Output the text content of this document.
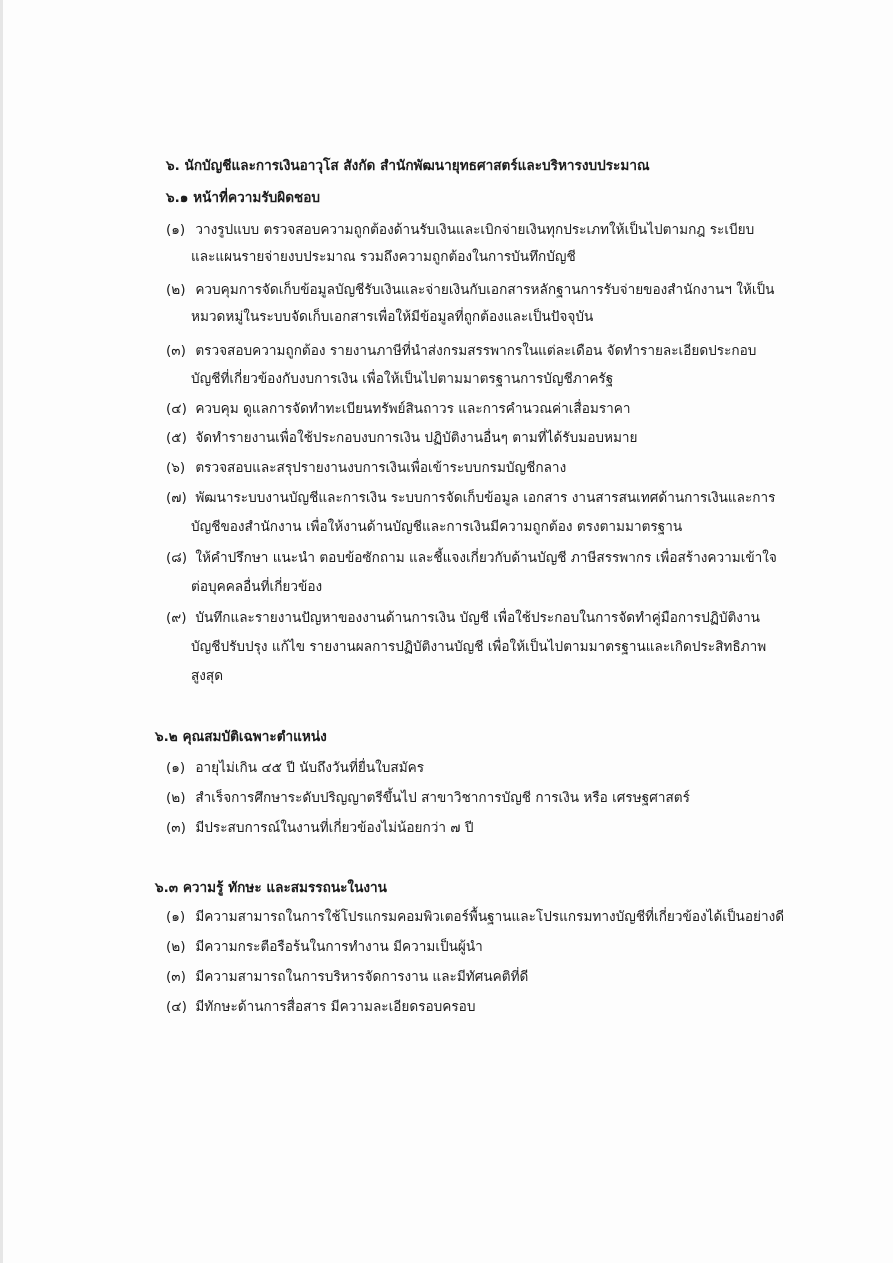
๖. นักบัญชีและการเงินอาวุโส สังกัด สำนักพัฒนายุทธศาสตร์และบริหารงบประมาณ
๖.๑ หน้าที่ความรับผิดชอบ
(๑) วางรูปแบบ ตรวจสอบความถูกต้องด้านรับเงินและเบิกจ่ายเงินทุกประเภทให้เป็นไปตามกฎ ระเบียบ
และแผนรายจ่ายงบประมาณ รวมถึงความถูกต้องในการบันทึกบัญชี
(๒) ควบคุมการจัดเก็บข้อมูลบัญชีรับเงินและจ่ายเงินกับเอกสารหลักฐานการรับจ่ายของสำนักงานฯ ให้เป็น
หมวดหมู่ในระบบจัดเก็บเอกสารเพื่อให้มีข้อมูลที่ถูกต้องและเป็นปัจจุบัน
(๓) ตรวจสอบความถูกต้อง รายงานภาษีที่นำส่งกรมสรรพากรในแต่ละเดือน จัดทำรายละเอียดประกอบ
บัญชีที่เกี่ยวข้องกับงบการเงิน เพื่อให้เป็นไปตามมาตรฐานการบัญชีภาครัฐ
(๔) ควบคุม ดูแลการจัดทำทะเบียนทรัพย์สินถาวร และการคำนวณค่าเสื่อมราคา
(๕) จัดทำรายงานเพื่อใช้ประกอบงบการเงิน ปฏิบัติงานอื่นๆ ตามที่ได้รับมอบหมาย
(๖) ตรวจสอบและสรุปรายงานงบการเงินเพื่อเข้าระบบกรมบัญชีกลาง
(๗) พัฒนาระบบงานบัญชีและการเงิน ระบบการจัดเก็บข้อมูล เอกสาร งานสารสนเทศด้านการเงินและการ
บัญชีของสำนักงาน เพื่อให้งานด้านบัญชีและการเงินมีความถูกต้อง ตรงตามมาตรฐาน
(๘) ให้คำปรึกษา แนะนำ ตอบข้อซักถาม และชี้แจงเกี่ยวกับด้านบัญชี ภาษีสรรพากร เพื่อสร้างความเข้าใจ
ต่อบุคคลอื่นที่เกี่ยวข้อง
(๙) บันทึกและรายงานปัญหาของงานด้านการเงิน บัญชี เพื่อใช้ประกอบในการจัดทำคู่มือการปฏิบัติงาน
บัญชีปรับปรุง แก้ไข รายงานผลการปฏิบัติงานบัญชี เพื่อให้เป็นไปตามมาตรฐานและเกิดประสิทธิภาพ
สูงสุด
๖.๒ คุณสมบัติเฉพาะตำแหน่ง
(๑) อายุไม่เกิน ๔๕ ปี นับถึงวันที่ยื่นใบสมัคร
(๒) สำเร็จการศึกษาระดับปริญญาตรีขึ้นไป สาขาวิชาการบัญชี การเงิน หรือ เศรษฐศาสตร์
(๓) มีประสบการณ์ในงานที่เกี่ยวข้องไม่น้อยกว่า ๗ ปี
๖.๓ ความรู้ ทักษะ และสมรรถนะในงาน
(๑) มีความสามารถในการใช้โปรแกรมคอมพิวเตอร์พื้นฐานและโปรแกรมทางบัญชีที่เกี่ยวข้องได้เป็นอย่างดี
(๒) มีความกระตือรือร้นในการทำงาน มีความเป็นผู้นำ
(๓) มีความสามารถในการบริหารจัดการงาน และมีทัศนคติที่ดี
(๔) มีทักษะด้านการสื่อสาร มีความละเอียดรอบครอบ
